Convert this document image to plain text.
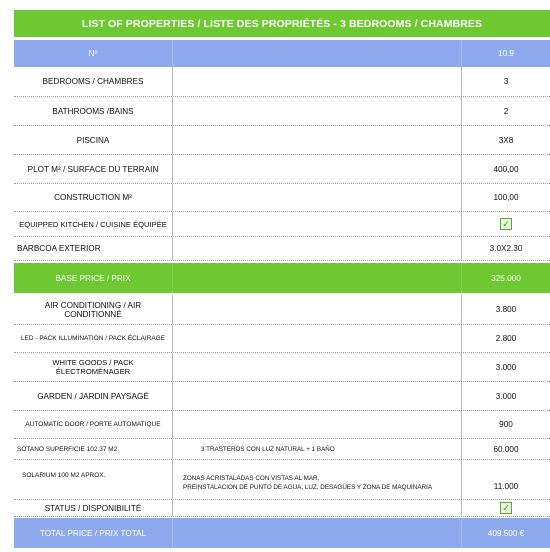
LIST OF PROPERTIES / LISTE DES PROPRIÉTÉS - 3 BEDROOMS / CHAMBRES
Nº	10.9
BEDROOMS / CHAMBRES	3
BATHROOMS /BAINS	2
PISCINA	3X8
PLOT M² / SURFACE DU TERRAIN	400,00
CONSTRUCTION M²	100,00
EQUIPPED KITCHEN / CUISINE ÉQUIPÉE	✓
BARBCOA EXTERIOR	3.0X2.30
BASE PRICE / PRIX	325.000
AIR CONDITIONING / AIR CONDITIONNÉ	3.800
LED - PACK ILLUMINATION / PACK ÉCLAIRAGE	2.800
WHITE GOODS / PACK ÉLECTROMÉNAGER	3.000
GARDEN / JARDIN PAYSAGÉ	3.000
AUTOMATIC DOOR / PORTE AUTOMATIQUE	900
SOTANO SUPERFICIE 102.37 M2	3 TRASTEROS CON LUZ NATURAL + 1 BAÑO	60.000
SOLARIUM 100 M2 APROX.	ZONAS ACRISTALADAS CON VISTAS AL MAR,
PREINSTALACION DE PUNTO DE AGUA, LUZ, DESAGÜES Y ZONA DE MAQUINARIA	11.000
STATUS / DISPONIBILITÉ	✓
TOTAL PRICE / PRIX TOTAL	409.500 €
